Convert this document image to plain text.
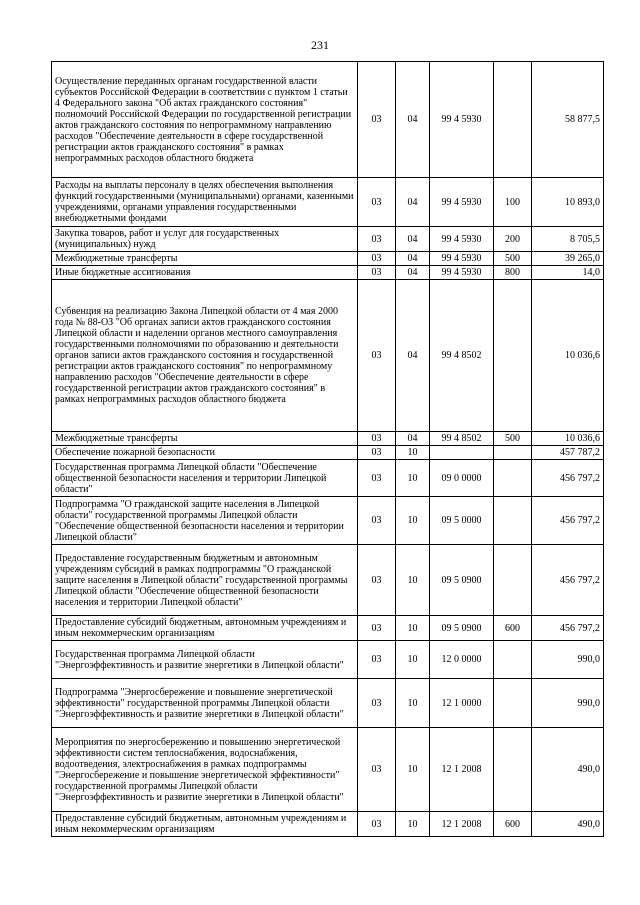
231
Осуществление переданных органам государственной власти субъектов Российской Федерации в соответствии с пунктом 1 статьи 4 Федерального закона "Об актах гражданского состояния" полномочий Российской Федерации по государственной регистрации актов гражданского состояния по непрограммному направлению расходов "Обеспечение деятельности в сфере государственной регистрации актов гражданского состояния" в рамках непрограммных расходов областного бюджета	03	04	99 4 5930		58 877,5
Расходы на выплаты персоналу в целях обеспечения выполнения функций государственными (муниципальными) органами, казенными учреждениями, органами управления государственными внебюджетными фондами	03	04	99 4 5930	100	10 893,0
Закупка товаров, работ и услуг для государственных (муниципальных) нужд	03	04	99 4 5930	200	8 705,5
Межбюджетные трансферты	03	04	99 4 5930	500	39 265,0
Иные бюджетные ассигнования	03	04	99 4 5930	800	14,0
Субвенция на реализацию Закона Липецкой области от 4 мая 2000 года № 88-ОЗ "Об органах записи актов гражданского состояния Липецкой области и наделении органов местного самоуправления государственными полномочиями по образованию и деятельности органов записи актов гражданского состояния и государственной регистрации актов гражданского состояния" по непрограммному направлению расходов "Обеспечение деятельности в сфере государственной регистрации актов гражданского состояния" в рамках непрограммных расходов областного бюджета	03	04	99 4 8502		10 036,6
Межбюджетные трансферты	03	04	99 4 8502	500	10 036,6
Обеспечение пожарной безопасности	03	10			457 787,2
Государственная программа Липецкой области "Обеспечение общественной безопасности населения и территории Липецкой области"	03	10	09 0 0000		456 797,2
Подпрограмма "О гражданской защите населения в Липецкой области" государственной программы Липецкой области "Обеспечение общественной безопасности населения и территории Липецкой области"	03	10	09 5 0000		456 797,2
Предоставление государственным бюджетным и автономным учреждениям субсидий в рамках подпрограммы "О гражданской защите населения в Липецкой области" государственной программы Липецкой области "Обеспечение общественной безопасности населения и территории Липецкой области"	03	10	09 5 0900		456 797,2
Предоставление субсидий бюджетным, автономным учреждениям и иным некоммерческим организациям	03	10	09 5 0900	600	456 797,2
Государственная программа Липецкой области "Энергоэффективность и развитие энергетики в Липецкой области"	03	10	12 0 0000		990,0
Подпрограмма "Энергосбережение и повышение энергетической эффективности" государственной программы Липецкой области "Энергоэффективность и развитие энергетики в Липецкой области"	03	10	12 1 0000		990,0
Мероприятия по энергосбережению и повышению энергетической эффективности систем теплоснабжения, водоснабжения, водоотведения, электроснабжения в рамках подпрограммы "Энергосбережение и повышение энергетической эффективности" государственной программы Липецкой области "Энергоэффективность и развитие энергетики в Липецкой области"	03	10	12 1 2008		490,0
Предоставление субсидий бюджетным, автономным учреждениям и иным некоммерческим организациям	03	10	12 1 2008	600	490,0
